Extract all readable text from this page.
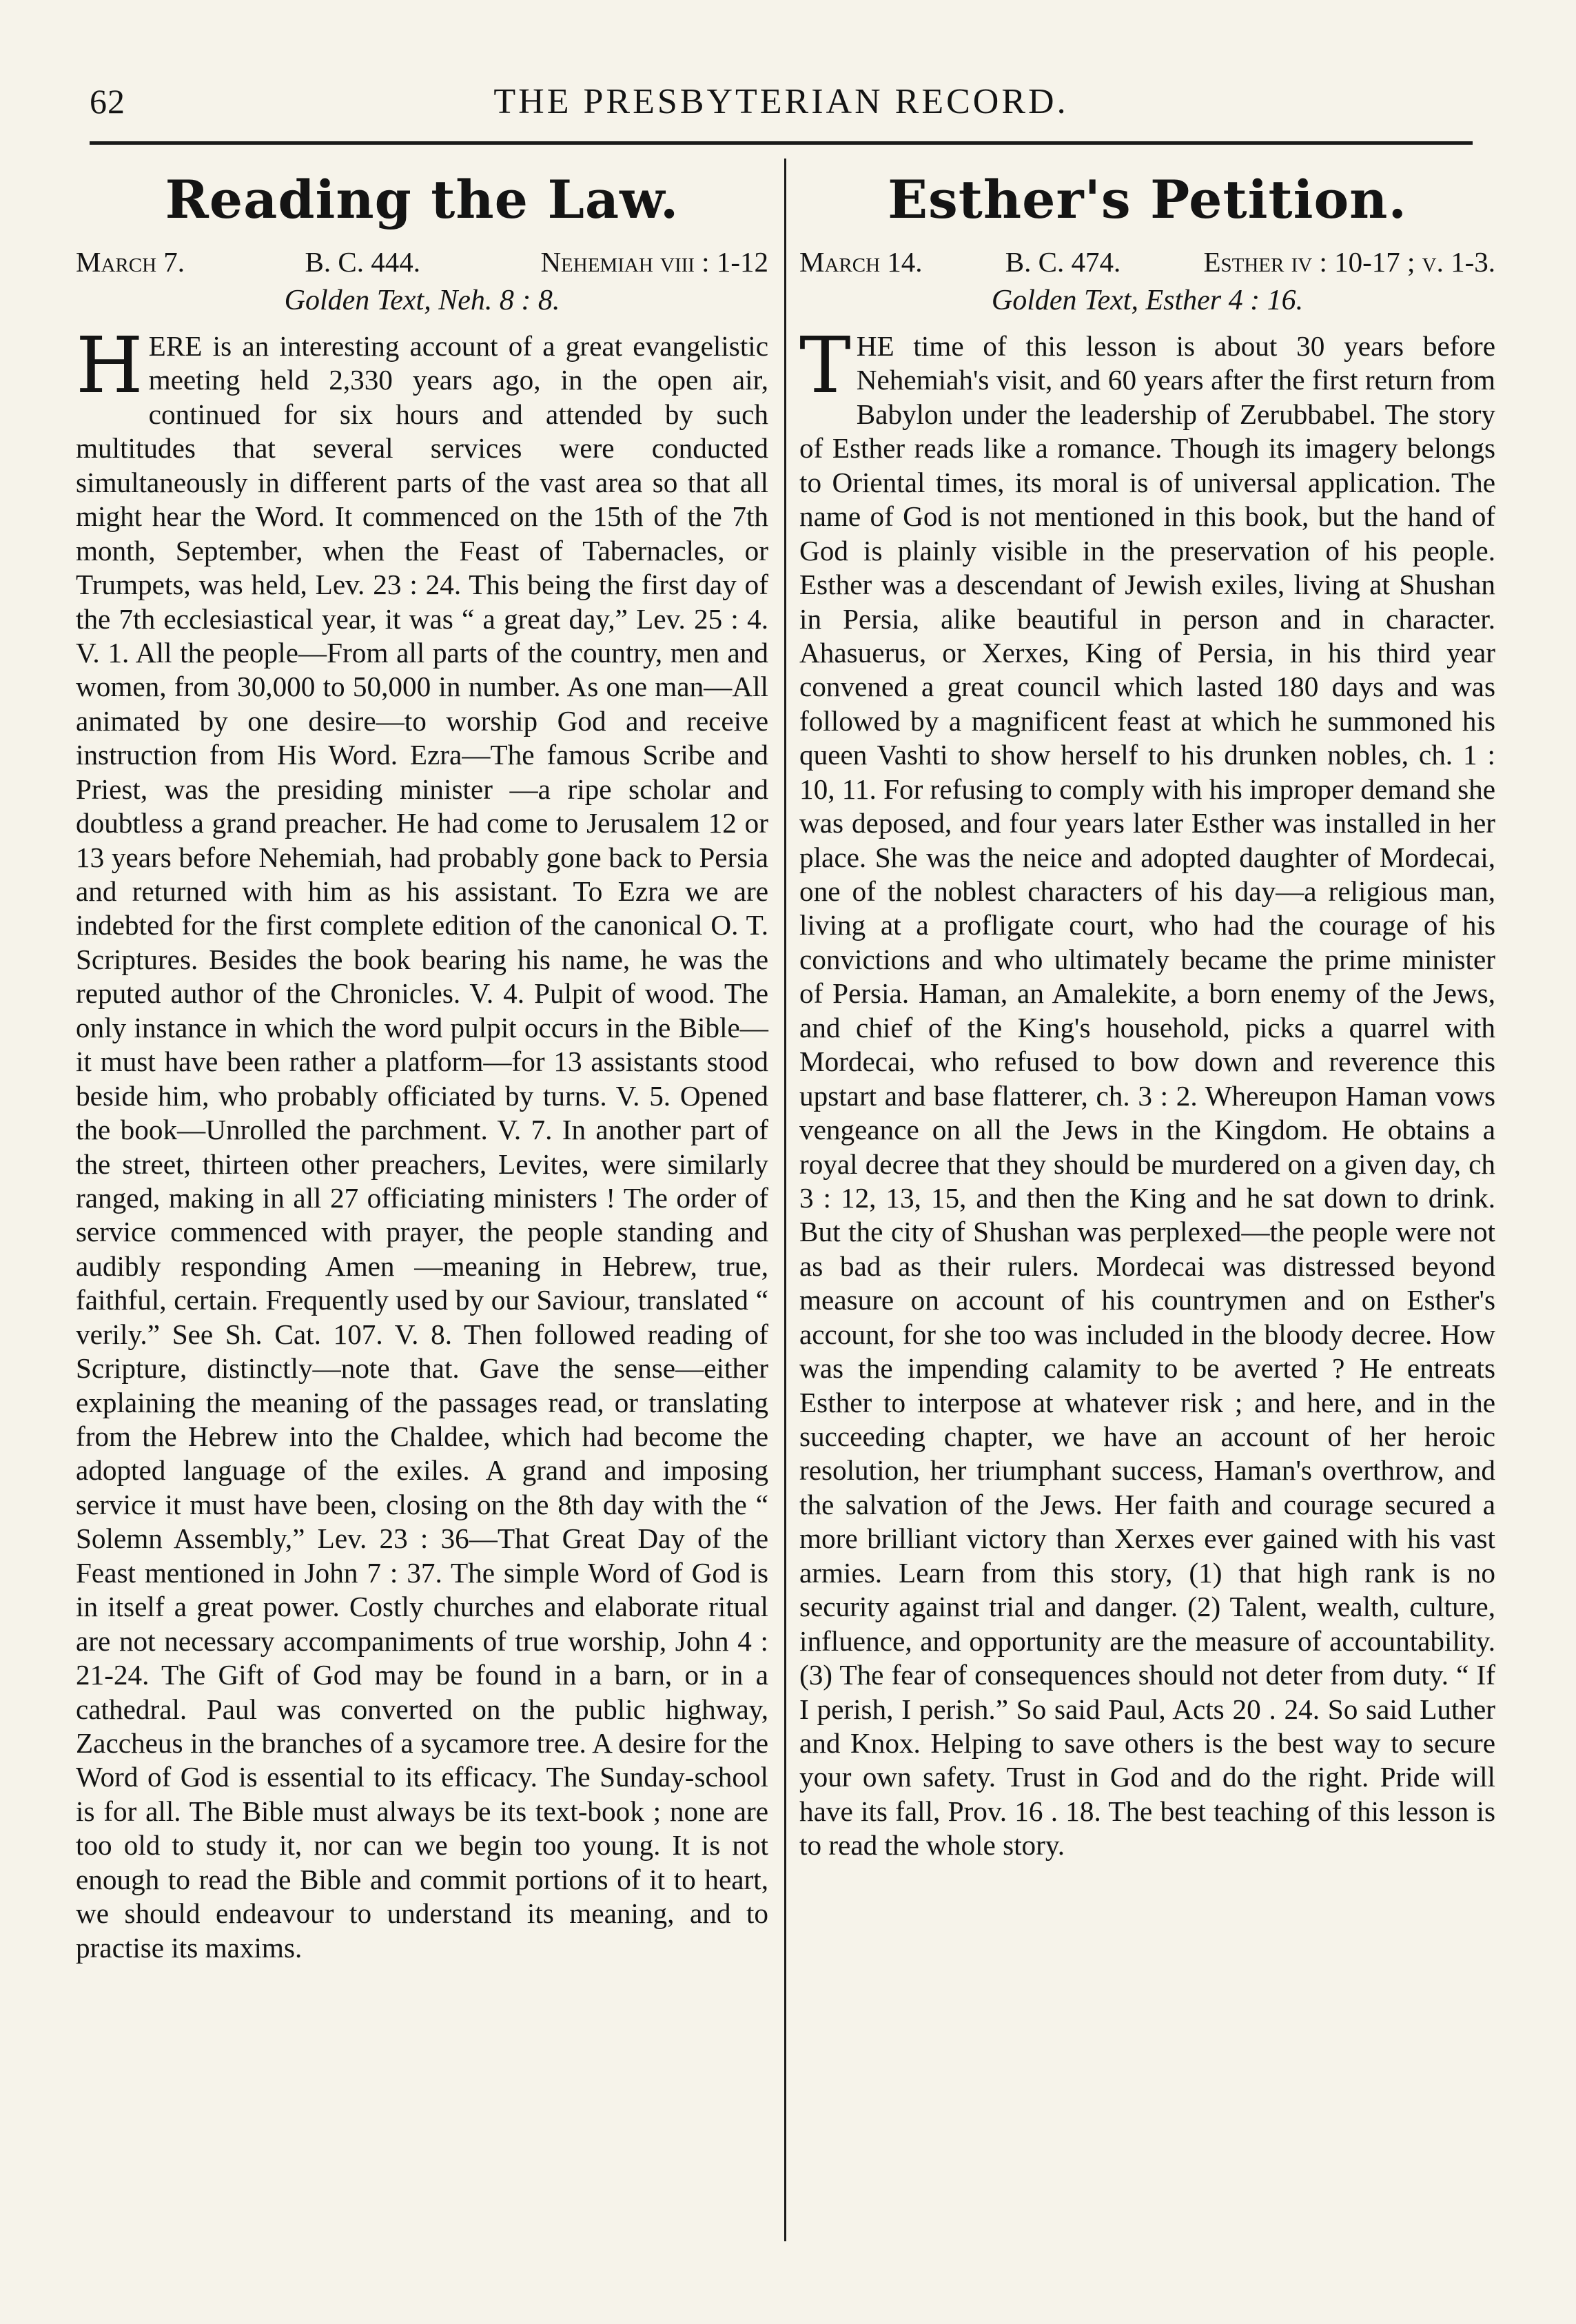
62	THE PRESBYTERIAN RECORD.
Reading the Law.
March 7.	B. C. 444.	Nehemiah viii : 1-12
Golden Text, Neh. 8 : 8.

HERE is an interesting account of a great evangelistic meeting held 2,330 years ago, in the open air, continued for six hours and attended by such multitudes that several services were conducted simultaneously in different parts of the vast area so that all might hear the Word. It commenced on the 15th of the 7th month, September, when the Feast of Tabernacles, or Trumpets, was held, Lev. 23 : 24. This being the first day of the 7th ecclesiastical year, it was “ a great day,” Lev. 25 : 4. V. 1. All the people—From all parts of the country, men and women, from 30,000 to 50,000 in number. As one man—All animated by one desire—to worship God and receive instruction from His Word. Ezra—The famous Scribe and Priest, was the presiding minister —a ripe scholar and doubtless a grand preacher. He had come to Jerusalem 12 or 13 years before Nehemiah, had probably gone back to Persia and returned with him as his assistant. To Ezra we are indebted for the first complete edition of the canonical O. T. Scriptures. Besides the book bearing his name, he was the reputed author of the Chronicles. V. 4. Pulpit of wood. The only instance in which the word pulpit occurs in the Bible—it must have been rather a platform—for 13 assistants stood beside him, who probably officiated by turns. V. 5. Opened the book—Unrolled the parchment. V. 7. In another part of the street, thirteen other preachers, Levites, were similarly ranged, making in all 27 officiating ministers ! The order of service commenced with prayer, the people standing and audibly responding Amen —meaning in Hebrew, true, faithful, certain. Frequently used by our Saviour, translated “ verily.” See Sh. Cat. 107. V. 8. Then followed reading of Scripture, distinctly—note that. Gave the sense—either explaining the meaning of the passages read, or translating from the Hebrew into the Chaldee, which had become the adopted language of the exiles. A grand and imposing service it must have been, closing on the 8th day with the “ Solemn Assembly,” Lev. 23 : 36—That Great Day of the Feast mentioned in John 7 : 37. The simple Word of God is in itself a great power. Costly churches and elaborate ritual are not necessary accompaniments of true worship, John 4 : 21-24. The Gift of God may be found in a barn, or in a cathedral. Paul was converted on the public highway, Zaccheus in the branches of a sycamore tree. A desire for the Word of God is essential to its efficacy. The Sunday-school is for all. The Bible must always be its text-book ; none are too old to study it, nor can we begin too young. It is not enough to read the Bible and commit portions of it to heart, we should endeavour to understand its meaning, and to practise its maxims.

Esther's Petition.
March 14.	B. C. 474.	Esther iv : 10-17 ; v. 1-3.
Golden Text, Esther 4 : 16.

THE time of this lesson is about 30 years before Nehemiah's visit, and 60 years after the first return from Babylon under the leadership of Zerubbabel. The story of Esther reads like a romance. Though its imagery belongs to Oriental times, its moral is of universal application. The name of God is not mentioned in this book, but the hand of God is plainly visible in the preservation of his people. Esther was a descendant of Jewish exiles, living at Shushan in Persia, alike beautiful in person and in character. Ahasuerus, or Xerxes, King of Persia, in his third year convened a great council which lasted 180 days and was followed by a magnificent feast at which he summoned his queen Vashti to show herself to his drunken nobles, ch. 1 : 10, 11. For refusing to comply with his improper demand she was deposed, and four years later Esther was installed in her place. She was the neice and adopted daughter of Mordecai, one of the noblest characters of his day—a religious man, living at a profligate court, who had the courage of his convictions and who ultimately became the prime minister of Persia. Haman, an Amalekite, a born enemy of the Jews, and chief of the King's household, picks a quarrel with Mordecai, who refused to bow down and reverence this upstart and base flatterer, ch. 3 : 2. Whereupon Haman vows vengeance on all the Jews in the Kingdom. He obtains a royal decree that they should be murdered on a given day, ch 3 : 12, 13, 15, and then the King and he sat down to drink. But the city of Shushan was perplexed—the people were not as bad as their rulers. Mordecai was distressed beyond measure on account of his countrymen and on Esther's account, for she too was included in the bloody decree. How was the impending calamity to be averted ? He entreats Esther to interpose at whatever risk ; and here, and in the succeeding chapter, we have an account of her heroic resolution, her triumphant success, Haman's overthrow, and the salvation of the Jews. Her faith and courage secured a more brilliant victory than Xerxes ever gained with his vast armies. Learn from this story, (1) that high rank is no security against trial and danger. (2) Talent, wealth, culture, influence, and opportunity are the measure of accountability. (3) The fear of consequences should not deter from duty. “ If I perish, I perish.” So said Paul, Acts 20 . 24. So said Luther and Knox. Helping to save others is the best way to secure your own safety. Trust in God and do the right. Pride will have its fall, Prov. 16 . 18. The best teaching of this lesson is to read the whole story.
